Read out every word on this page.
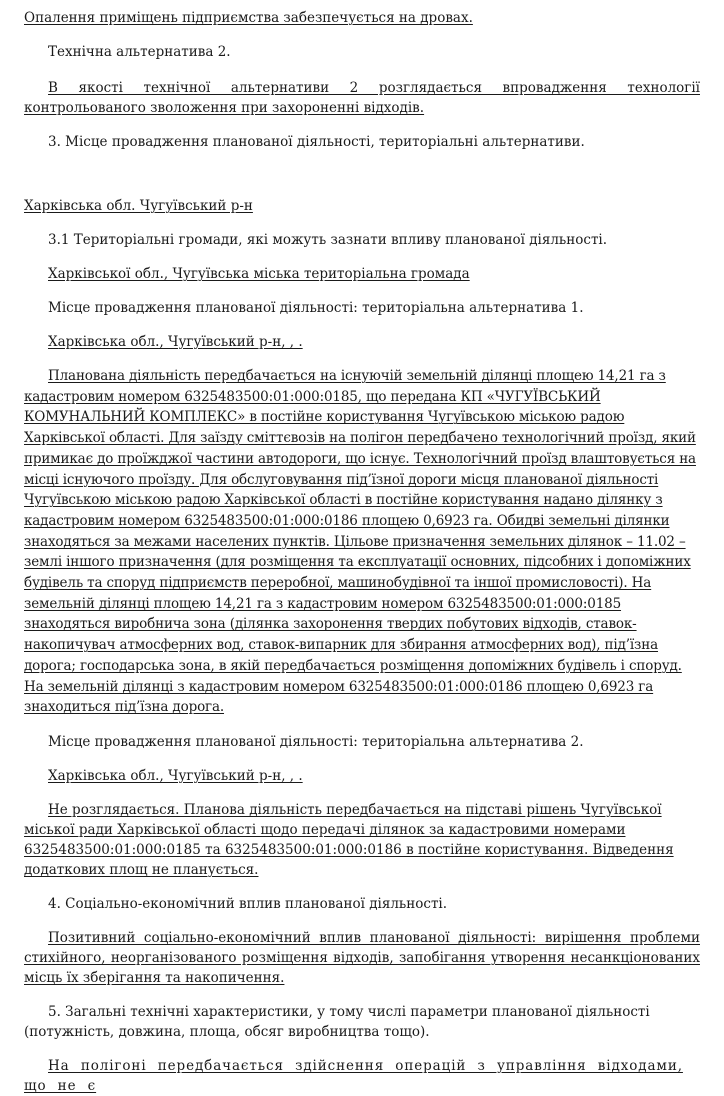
Опалення приміщень підприємства забезпечується на дровах.

Технічна альтернатива 2.

В якості технічної альтернативи 2 розглядається впровадження технології контрольованого зволоження при захороненні відходів.

3. Місце провадження планованої діяльності, територіальні альтернативи.

Харківська обл. Чугуївський р-н

3.1 Територіальні громади, які можуть зазнати впливу планованої діяльності.

Харківської обл., Чугуївська міська територіальна громада

Місце провадження планованої діяльності: територіальна альтернатива 1.

Харківська обл., Чугуївський р-н, , .

Планована діяльність передбачається на існуючій земельній ділянці площею 14,21 га з кадастровим номером 6325483500:01:000:0185, що передана КП «ЧУГУЇВСЬКИЙ КОМУНАЛЬНИЙ КОМПЛЕКС» в постійне користування Чугуївською міською радою Харківської області. Для заїзду сміттєвозів на полігон передбачено технологічний проїзд, який примикає до проїжджої частини автодороги, що існує. Технологічний проїзд влаштовується на місці існуючого проїзду. Для обслуговування під’їзної дороги місця планованої діяльності Чугуївською міською радою Харківської області в постійне користування надано ділянку з кадастровим номером 6325483500:01:000:0186 площею 0,6923 га. Обидві земельні ділянки знаходяться за межами населених пунктів. Цільове призначення земельних ділянок – 11.02 – землі іншого призначення (для розміщення та експлуатації основних, підсобних і допоміжних будівель та споруд підприємств переробної, машинобудівної та іншої промисловості). На земельній ділянці площею 14,21 га з кадастровим номером 6325483500:01:000:0185 знаходяться виробнича зона (ділянка захоронення твердих побутових відходів, ставок-накопичувач атмосферних вод, ставок-випарник для збирання атмосферних вод), під’їзна дорога; господарська зона, в якій передбачається розміщення допоміжних будівель і споруд. На земельній ділянці з кадастровим номером 6325483500:01:000:0186 площею 0,6923 га знаходиться під’їзна дорога.

Місце провадження планованої діяльності: територіальна альтернатива 2.

Харківська обл., Чугуївський р-н, , .

Не розглядається. Планова діяльність передбачається на підставі рішень Чугуївської міської ради Харківської області щодо передачі ділянок за кадастровими номерами 6325483500:01:000:0185 та 6325483500:01:000:0186 в постійне користування. Відведення додаткових площ не планується.

4. Соціально-економічний вплив планованої діяльності.

Позитивний соціально-економічний вплив планованої діяльності: вирішення проблеми стихійного, неорганізованого розміщення відходів, запобігання утворення несанкціонованих місць їх зберігання та накопичення.

5. Загальні технічні характеристики, у тому числі параметри планованої діяльності (потужність, довжина, площа, обсяг виробництва тощо).

На полігоні передбачається здійснення операцій з управління відходами, що не є
